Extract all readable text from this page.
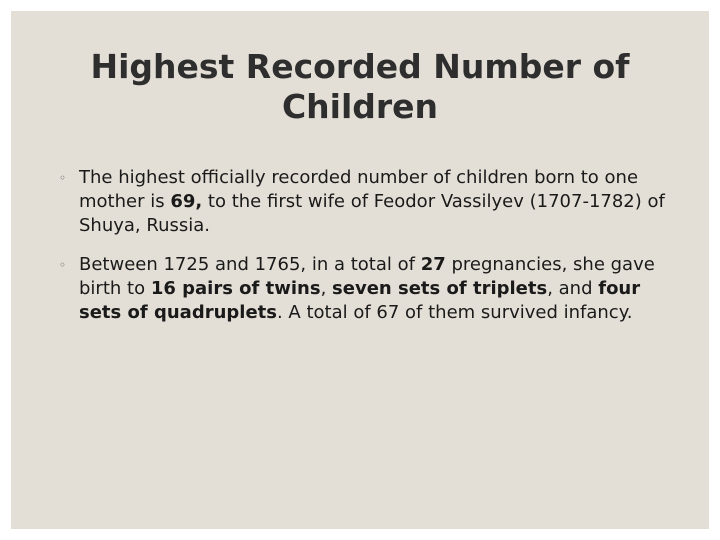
Highest Recorded Number of
Children
◦ The highest officially recorded number of children born to one mother is 69, to the first wife of Feodor Vassilyev (1707-1782) of Shuya, Russia.
◦ Between 1725 and 1765, in a total of 27 pregnancies, she gave birth to 16 pairs of twins, seven sets of triplets, and four sets of quadruplets. A total of 67 of them survived infancy.
